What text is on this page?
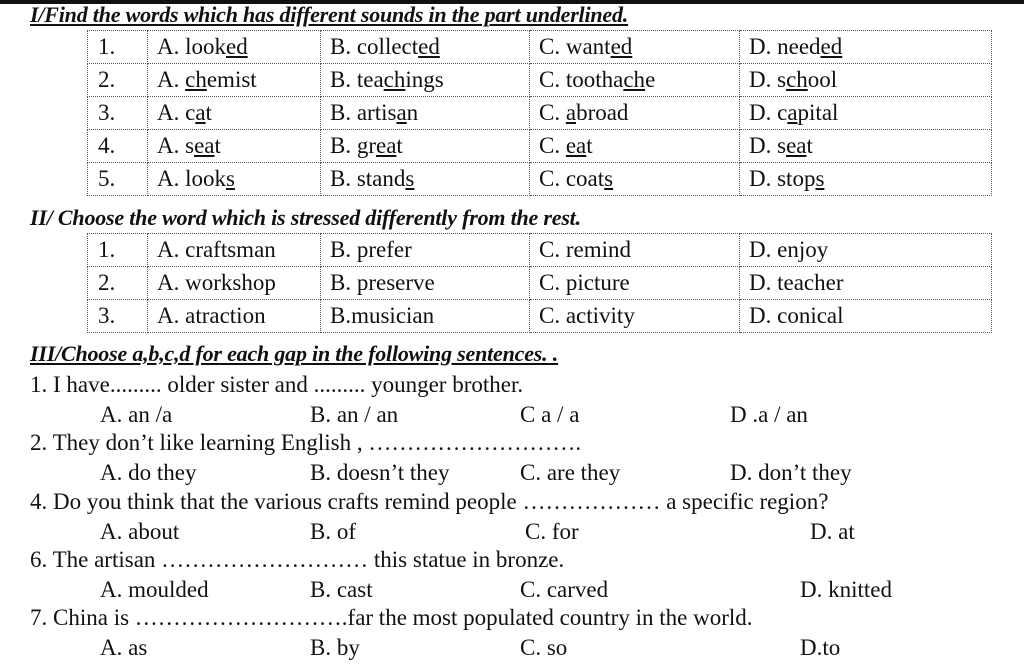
I/Find the words which has different sounds in the part underlined.
1.	A. looked	B. collected	C. wanted	D. needed
2.	A. chemist	B. teachings	C. toothache	D. school
3.	A. cat	B. artisan	C. abroad	D. capital
4.	A. seat	B. great	C. eat	D. seat
5.	A. looks	B. stands	C. coats	D. stops
II/ Choose the word which is stressed differently from the rest.
1.	A. craftsman	B. prefer	C. remind	D. enjoy
2.	A. workshop	B. preserve	C. picture	D. teacher
3.	A. atraction	B.musician	C. activity	D. conical
III/Choose a,b,c,d for each gap in the following sentences. .
1. I have......... older sister and ......... younger brother.
A. an /a	B. an / an	C a / a	D .a / an
2. They don’t like learning English , ……………………….
A. do they	B. doesn’t they	C. are they	D. don’t they
4. Do you think that the various crafts remind people ……………… a specific region?
A. about	B. of	C. for	D. at
6. The artisan ……………………… this statue in bronze.
A. moulded	B. cast	C. carved	D. knitted
7. China is ……………………….far the most populated country in the world.
A. as	B. by	C. so	D.to
